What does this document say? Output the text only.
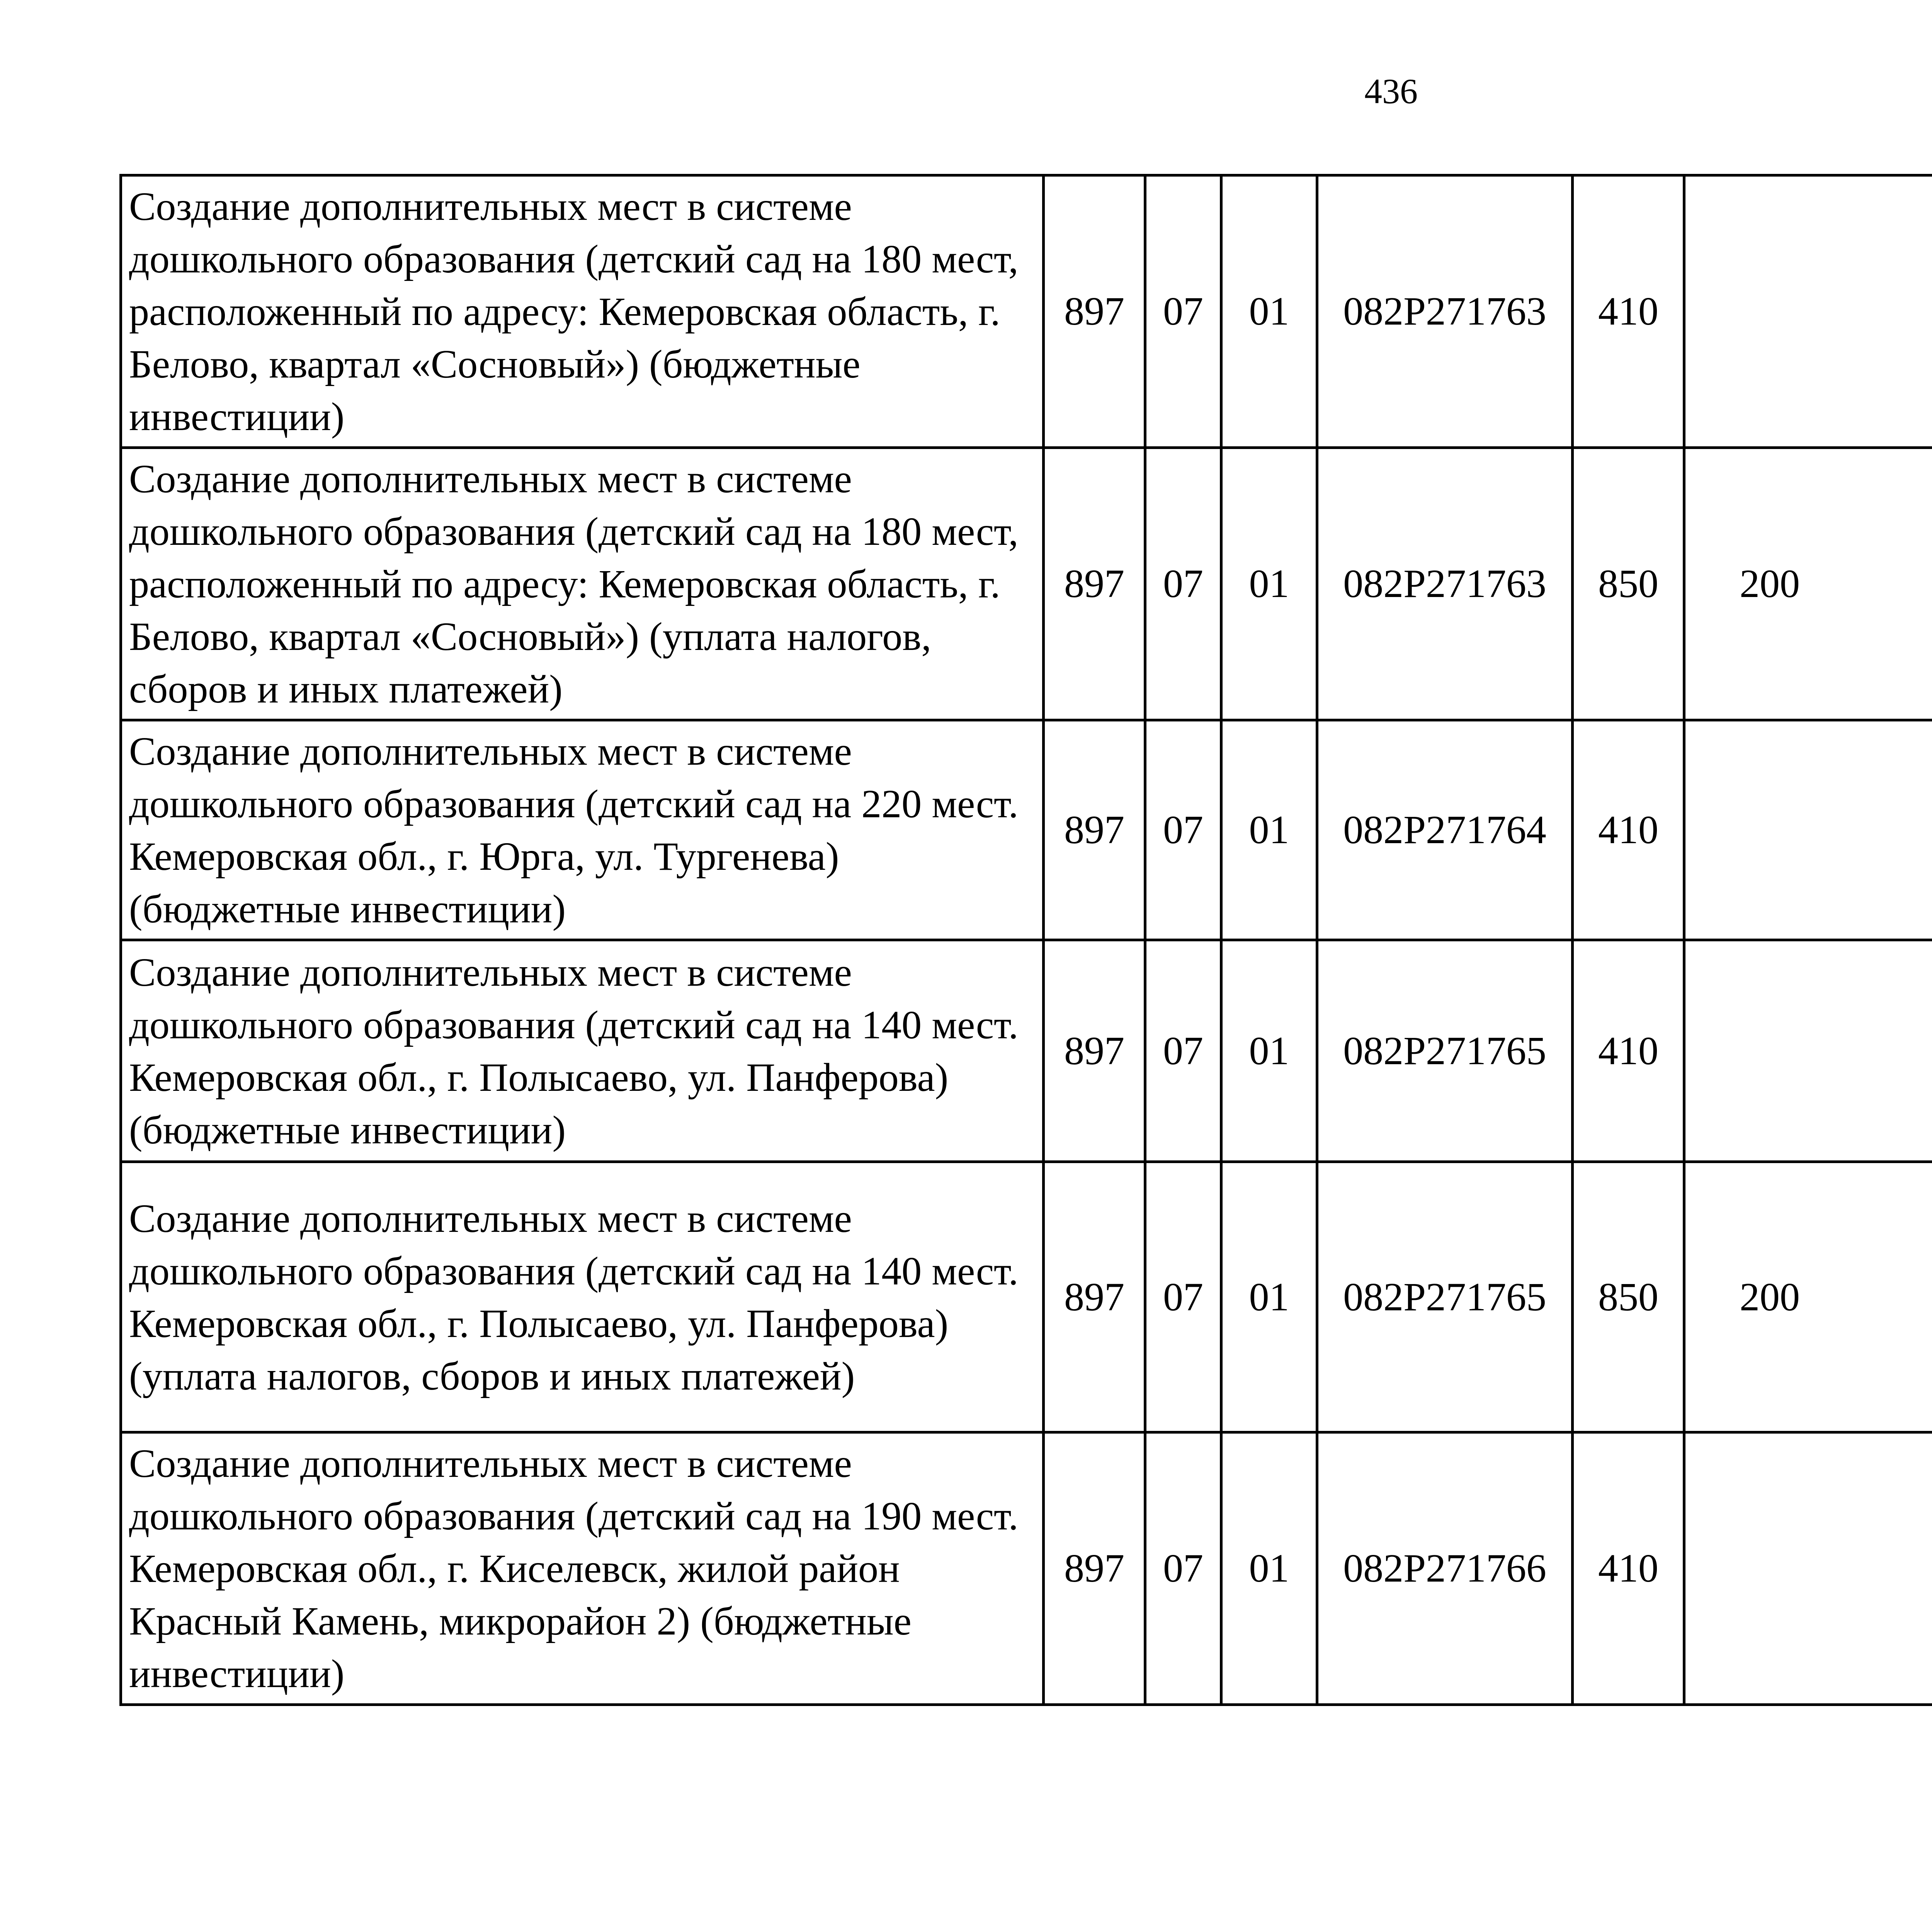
436
Создание дополнительных мест в системе дошкольного образования (детский сад на 180 мест, расположенный по адресу: Кемеровская область, г. Белово, квартал «Сосновый») (бюджетные инвестиции)	897	07	01	082P271763	410			
Создание дополнительных мест в системе дошкольного образования (детский сад на 180 мест, расположенный по адресу: Кемеровская область, г. Белово, квартал «Сосновый») (уплата налогов, сборов и иных платежей)	897	07	01	082P271763	850	200		
Создание дополнительных мест в системе дошкольного образования (детский сад на 220 мест. Кемеровская обл., г. Юрга, ул. Тургенева) (бюджетные инвестиции)	897	07	01	082P271764	410			
Создание дополнительных мест в системе дошкольного образования (детский сад на 140 мест. Кемеровская обл., г. Полысаево, ул. Панферова) (бюджетные инвестиции)	897	07	01	082P271765	410			
Создание дополнительных мест в системе дошкольного образования (детский сад на 140 мест. Кемеровская обл., г. Полысаево, ул. Панферова) (уплата налогов, сборов и иных платежей)	897	07	01	082P271765	850	200		
Создание дополнительных мест в системе дошкольного образования (детский сад на 190 мест. Кемеровская обл., г. Киселевск, жилой район Красный Камень, микрорайон 2) (бюджетные инвестиции)	897	07	01	082P271766	410			
